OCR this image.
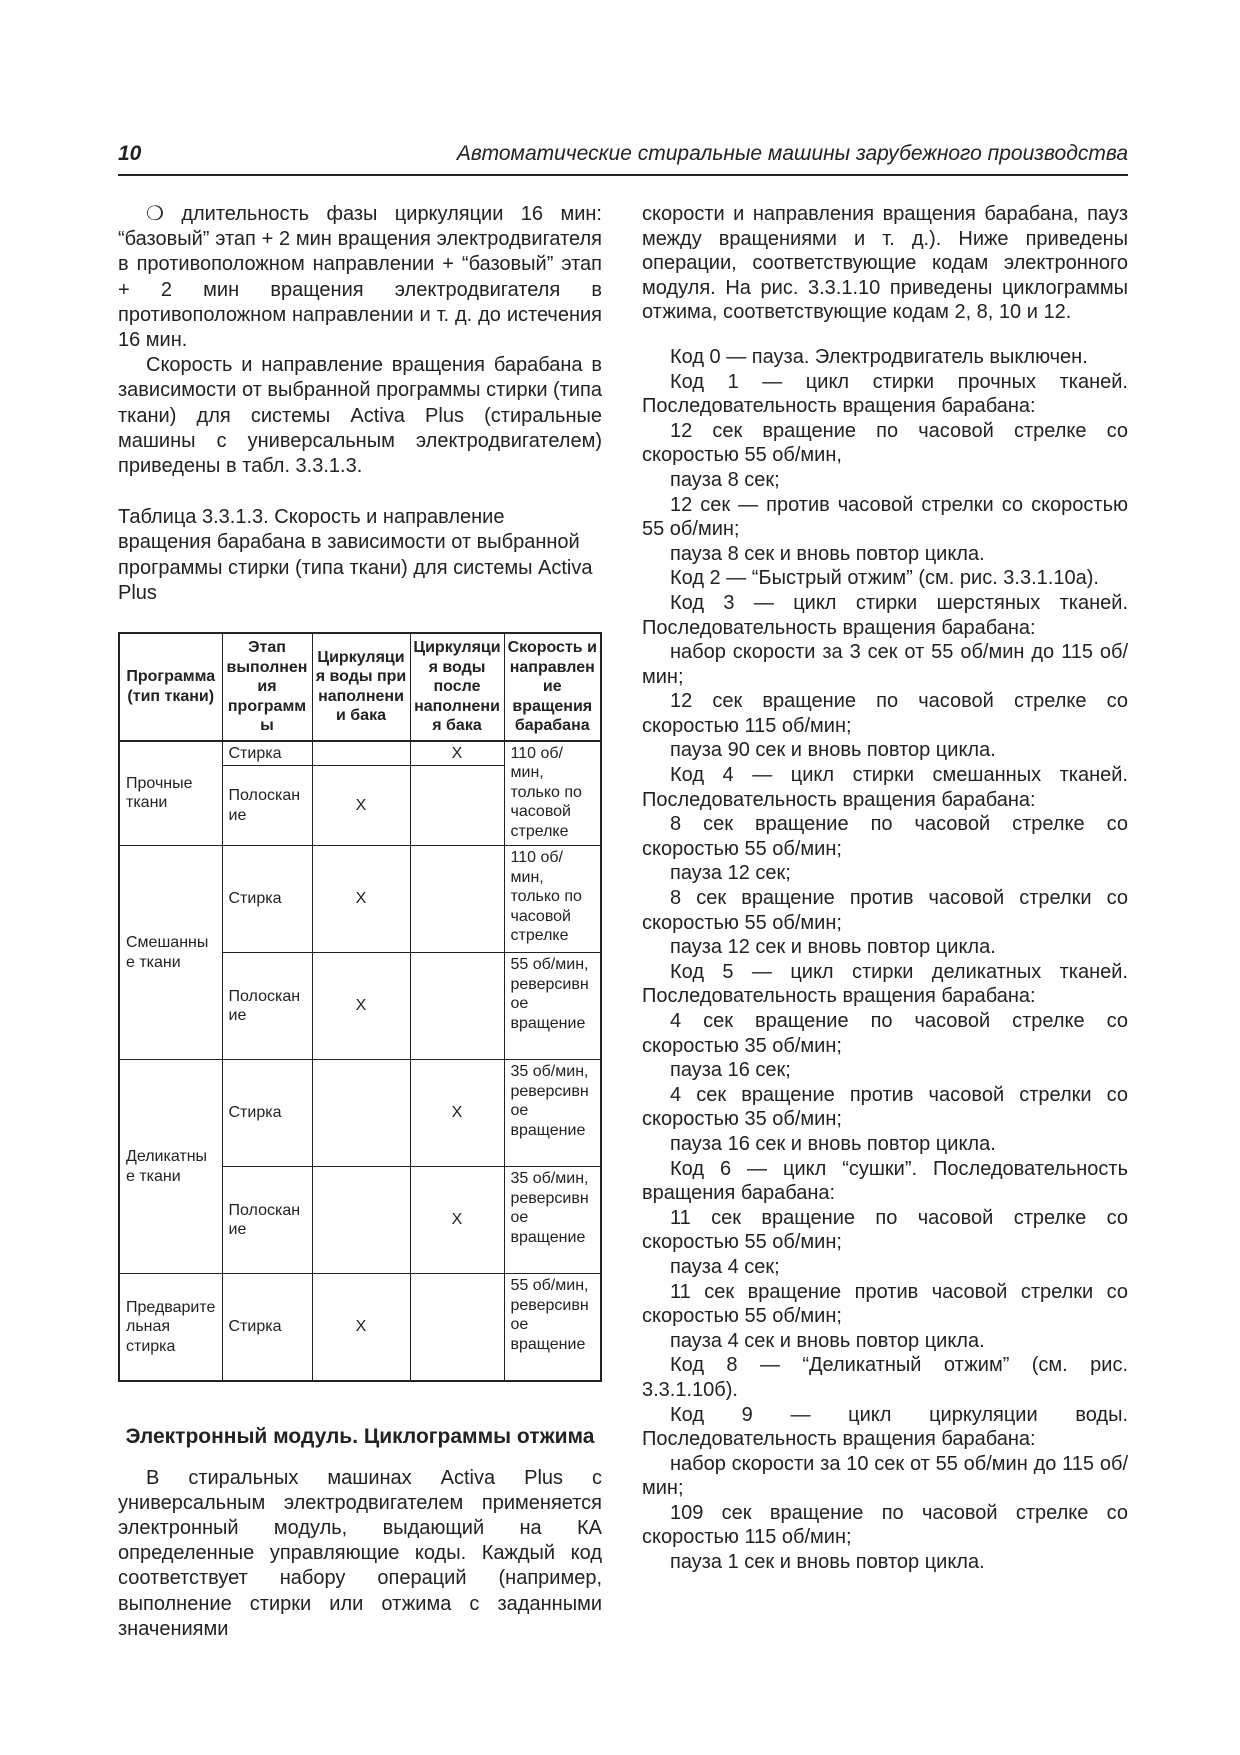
10	Автоматические стиральные машины зарубежного производства

❍ длительность фазы циркуляции 16 мин: “базовый” этап + 2 мин вращения электродвигателя в противоположном направлении + “базовый” этап + 2 мин вращения электродвигателя в противоположном направлении и т. д. до истечения 16 мин.

Скорость и направление вращения барабана в зависимости от выбранной программы стирки (типа ткани) для системы Activa Plus (стиральные машины с универсальным электродвигателем) приведены в табл. 3.3.1.3.

Таблица 3.3.1.3. Скорость и направление вращения барабана в зависимости от выбранной программы стирки (типа ткани) для системы Activa Plus

Программа (тип ткани)	Этап выполнения программы	Циркуляция воды при наполнении бака	Циркуляция воды после наполнения бака	Скорость и направление вращения барабана
Прочные ткани	Стирка		X	110 об/мин, только по часовой стрелке
	Полоскание	X		
Смешанные ткани	Стирка	X		110 об/мин, только по часовой стрелке
	Полоскание	X		55 об/мин, реверсивное вращение
Деликатные ткани	Стирка		X	35 об/мин, реверсивное вращение
	Полоскание		X	35 об/мин, реверсивное вращение
Предварительная стирка	Стирка	X		55 об/мин, реверсивное вращение
Электронный модуль. Циклограммы отжима

В стиральных машинах Activa Plus с универсальным электродвигателем применяется электронный модуль, выдающий на КА определенные управляющие коды. Каждый код соответствует набору операций (например, выполнение стирки или отжима с заданными значениями

скорости и направления вращения барабана, пауз между вращениями и т. д.). Ниже приведены операции, соответствующие кодам электронного модуля. На рис. 3.3.1.10 приведены циклограммы отжима, соответствующие кодам 2, 8, 10 и 12.

Код 0 — пауза. Электродвигатель выключен.

Код 1 — цикл стирки прочных тканей. Последовательность вращения барабана:

12 сек вращение по часовой стрелке со скоростью 55 об/мин,

пауза 8 сек;

12 сек — против часовой стрелки со скоростью 55 об/мин;

пауза 8 сек и вновь повтор цикла.

Код 2 — “Быстрый отжим” (см. рис. 3.3.1.10а).

Код 3 — цикл стирки шерстяных тканей. Последовательность вращения барабана:

набор скорости за 3 сек от 55 об/мин до 115 об/мин;

12 сек вращение по часовой стрелке со скоростью 115 об/мин;

пауза 90 сек и вновь повтор цикла.

Код 4 — цикл стирки смешанных тканей. Последовательность вращения барабана:

8 сек вращение по часовой стрелке со скоростью 55 об/мин;

пауза 12 сек;

8 сек вращение против часовой стрелки со скоростью 55 об/мин;

пауза 12 сек и вновь повтор цикла.

Код 5 — цикл стирки деликатных тканей. Последовательность вращения барабана:

4 сек вращение по часовой стрелке со скоростью 35 об/мин;

пауза 16 сек;

4 сек вращение против часовой стрелки со скоростью 35 об/мин;

пауза 16 сек и вновь повтор цикла.

Код 6 — цикл “сушки”. Последовательность вращения барабана:

11 сек вращение по часовой стрелке со скоростью 55 об/мин;

пауза 4 сек;

11 сек вращение против часовой стрелки со скоростью 55 об/мин;

пауза 4 сек и вновь повтор цикла.

Код 8 — “Деликатный отжим” (см. рис. 3.3.1.10б).

Код 9 — цикл циркуляции воды. Последовательность вращения барабана:

набор скорости за 10 сек от 55 об/мин до 115 об/мин;

109 сек вращение по часовой стрелке со скоростью 115 об/мин;

пауза 1 сек и вновь повтор цикла.
